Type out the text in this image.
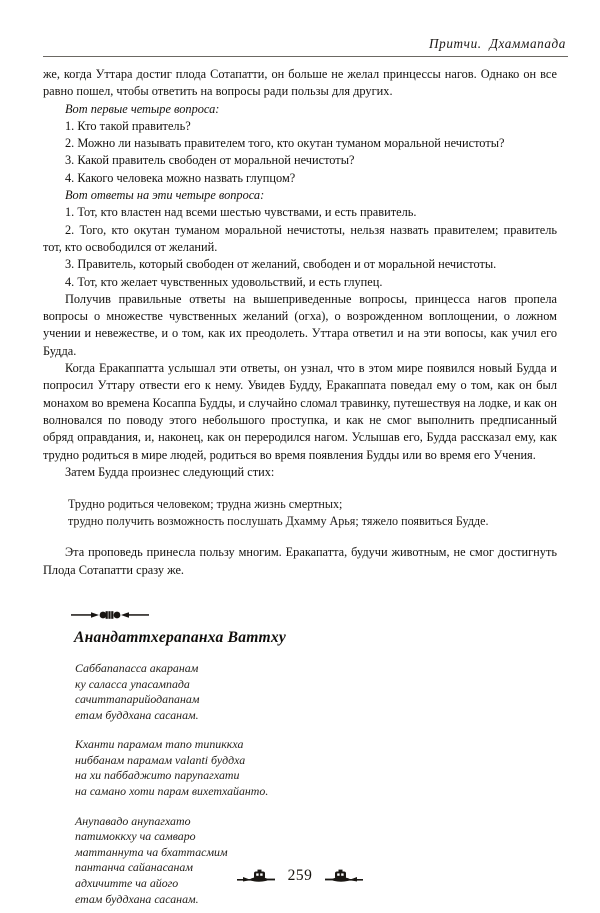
Притчи.  Дхаммапада

же, когда Уттара достиг плода Сотапатти, он больше не желал принцессы нагов. Однако он все равно пошел, чтобы ответить на вопросы ради пользы для других.

Вот первые четыре вопроса:

1. Кто такой правитель?

2. Можно ли называть правителем того, кто окутан туманом моральной нечистоты?

3. Какой правитель свободен от моральной нечистоты?

4. Какого человека можно назвать глупцом?

Вот ответы на эти четыре вопроса:

1. Тот, кто властен над всеми шестью чувствами, и есть правитель.

2. Того, кто окутан туманом моральной нечистоты, нельзя назвать правителем; правитель тот, кто освободился от желаний.

3. Правитель, который свободен от желаний, свободен и от моральной нечистоты.

4. Тот, кто желает чувственных удовольствий, и есть глупец.

Получив правильные ответы на вышеприведенные вопросы, принцесса нагов пропела вопросы о множестве чувственных желаний (огха), о возрожденном воплощении, о ложном учении и невежестве, и о том, как их преодолеть. Уттара ответил и на эти вопосы, как учил его Будда.

Когда Еракаппатта услышал эти ответы, он узнал, что в этом мире появился новый Будда и попросил Уттару отвести его к нему. Увидев Будду, Еракаппата поведал ему о том, как он был монахом во времена Косаппа Будды, и случайно сломал травинку, путешествуя на лодке, и как он волновался по поводу этого небольшого проступка, и как не смог выполнить предписанный обряд оправдания, и, наконец, как он переродился нагом. Услышав его, Будда рассказал ему, как трудно родиться в мире людей, родиться во время появления Будды или во время его Учения.

Затем Будда произнес следующий стих:

Трудно родиться человеком; трудна жизнь смертных;
трудно получить возможность послушать Дхамму Арья; тяжело появиться Будде.

Эта проповедь принесла пользу многим. Еракапатта, будучи животным, не смог достигнуть Плода Сотапатти сразу же.

Анандаттхерапанха Ваттху
Саббапапасса акаранам
ку салacca упасампада
сачиттапарийодапанам
етам буддхана сасанам.
Кханти парамам тапо типиккха
ниббанам парамам valanti буддха
на хи паббаджито парупагхати
на самано хоти парам вихетхайанто.
Анупавадо анупагхато
патимоккху ча самваро
маттаннута ча бхаттасмим
пантанча сайанасанам
адхичитте ча айого
етам буддхана сасанам.
259
